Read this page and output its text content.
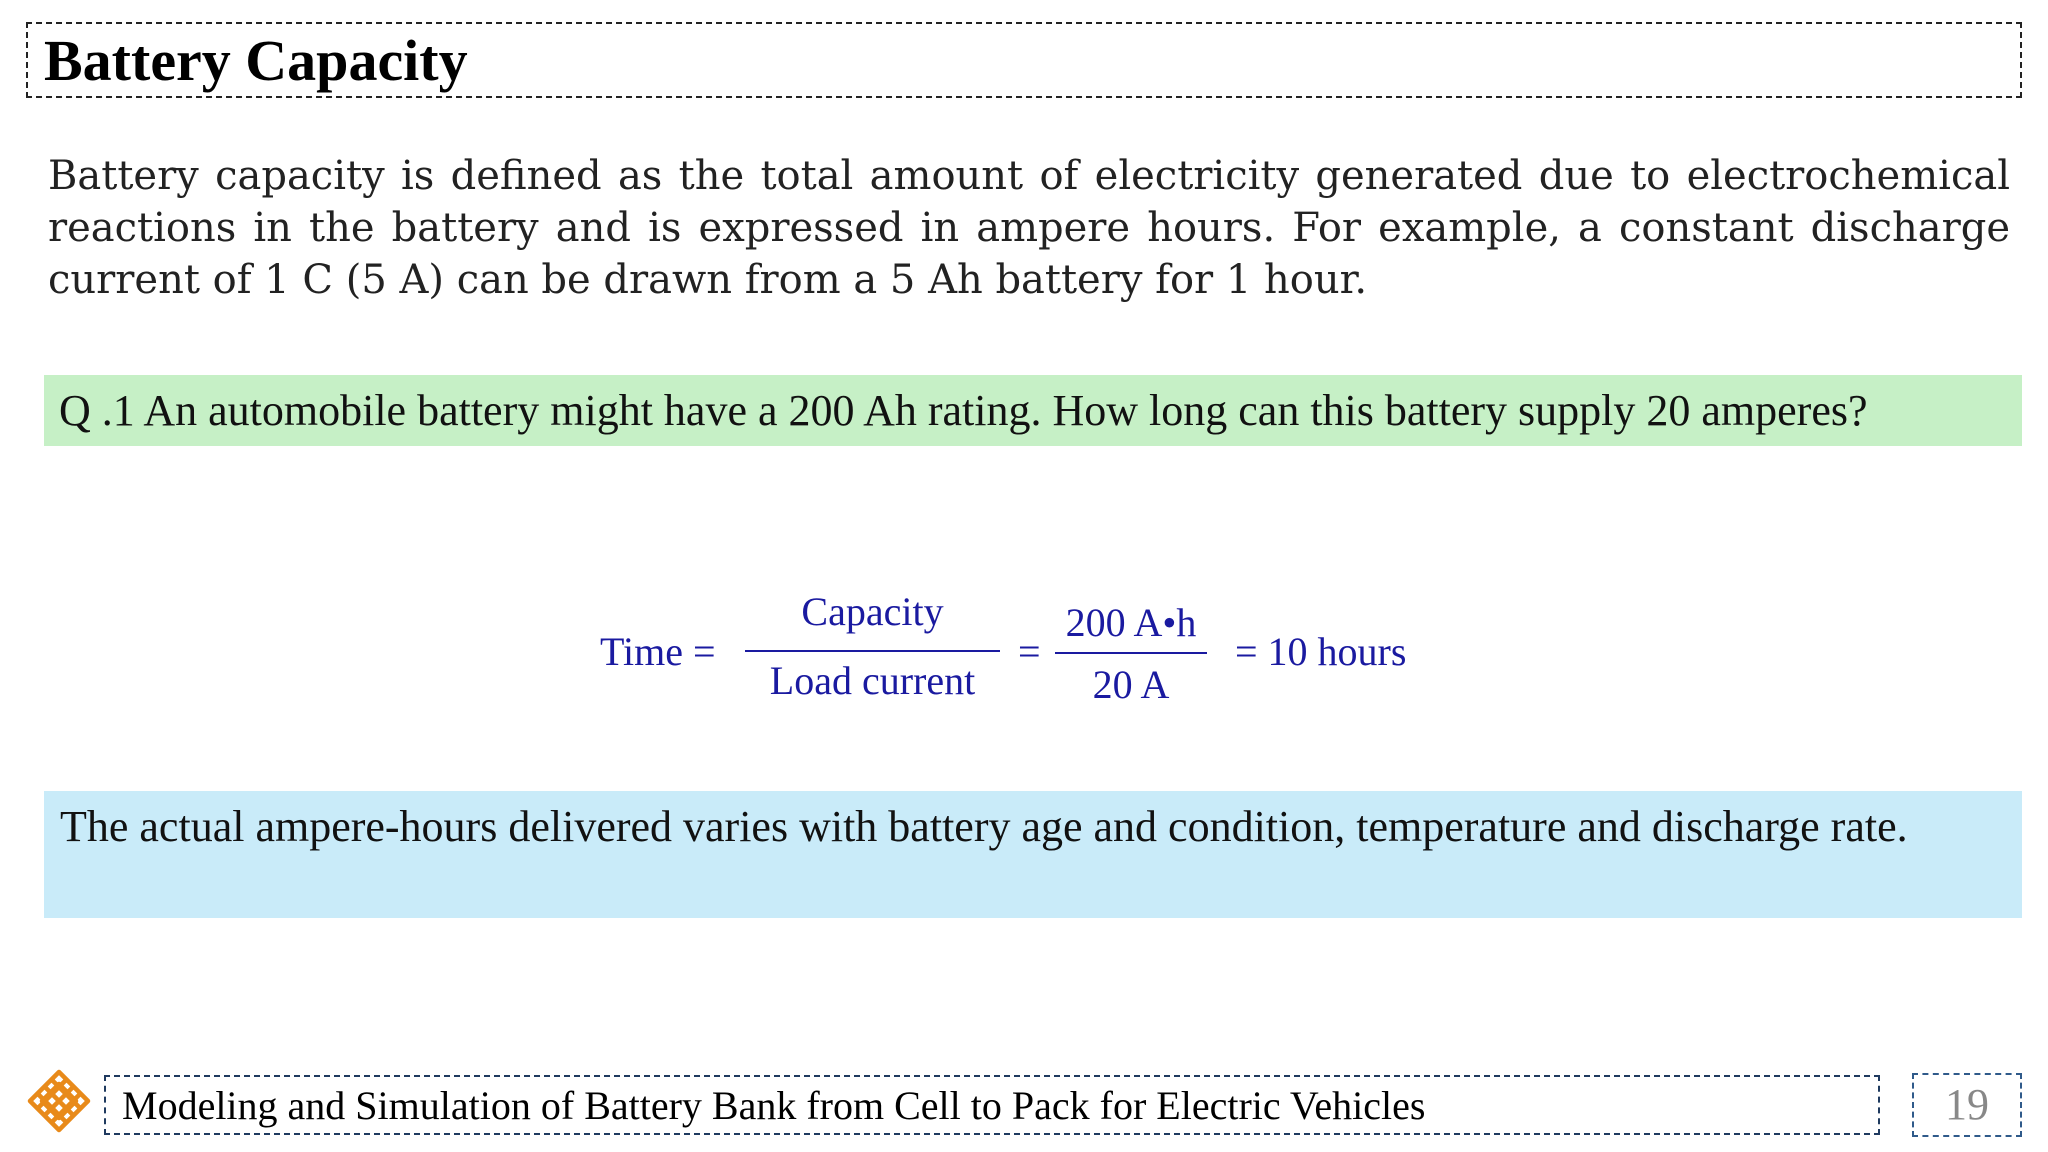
Battery Capacity
Battery capacity is defined as the total amount of electricity generated due to electrochemical reactions in the battery and is expressed in ampere hours. For example, a constant discharge current of 1 C (5 A) can be drawn from a 5 Ah battery for 1 hour.
Q .1 An automobile battery might have a 200 Ah rating. How long can this battery supply 20 amperes?
Time =
Capacity
Load current
=
200 A•h
20 A
= 10 hours
The actual ampere-hours delivered varies with battery age and condition, temperature and discharge rate.
Modeling and Simulation of Battery Bank from Cell to Pack for Electric Vehicles	19
